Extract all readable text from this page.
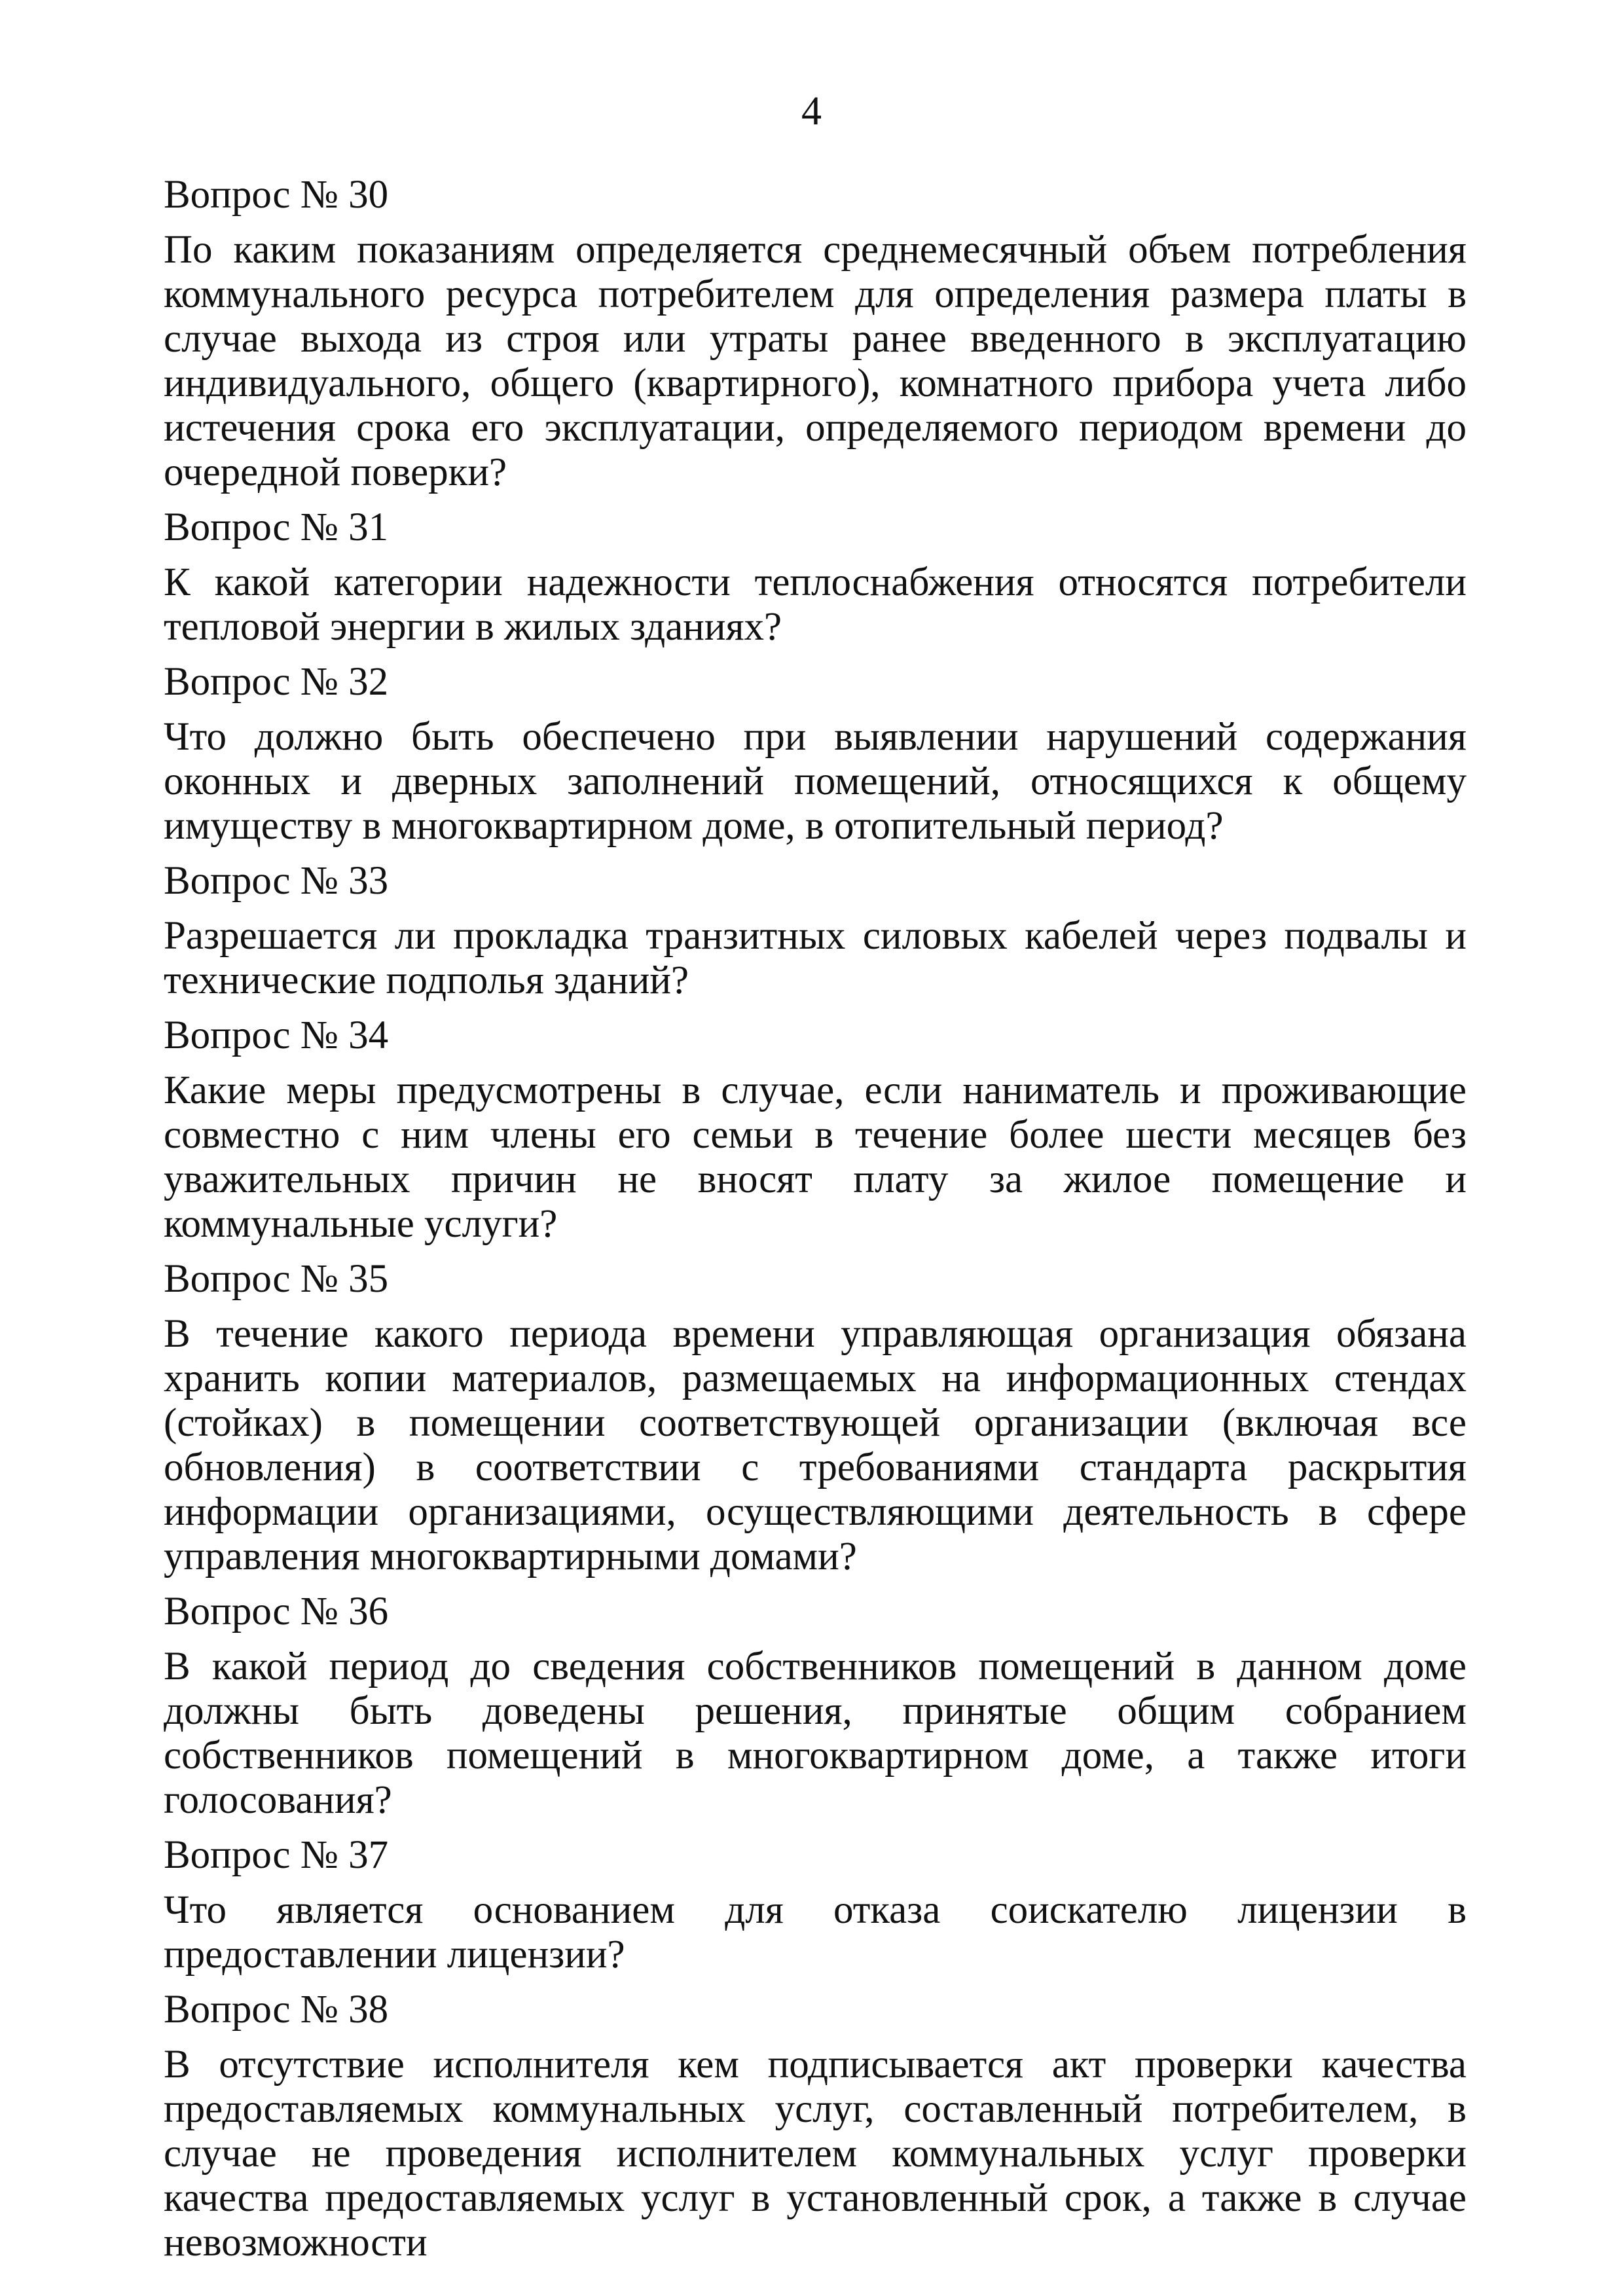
4
Вопрос № 30
По каким показаниям определяется среднемесячный объем потребления коммунального ресурса потребителем для определения размера платы в случае выхода из строя или утраты ранее введенного в эксплуатацию индивидуального, общего (квартирного), комнатного прибора учета либо истечения срока его эксплуатации, определяемого периодом времени до очередной поверки?
Вопрос № 31
К какой категории надежности теплоснабжения относятся потребители тепловой энергии в жилых зданиях?
Вопрос № 32
Что должно быть обеспечено при выявлении нарушений содержания оконных и дверных заполнений помещений, относящихся к общему имуществу в многоквартирном доме, в отопительный период?
Вопрос № 33
Разрешается ли прокладка транзитных силовых кабелей через подвалы и технические подполья зданий?
Вопрос № 34
Какие меры предусмотрены в случае, если наниматель и проживающие совместно с ним члены его семьи в течение более шести месяцев без уважительных причин не вносят плату за жилое помещение и коммунальные услуги?
Вопрос № 35
В течение какого периода времени управляющая организация обязана хранить копии материалов, размещаемых на информационных стендах (стойках) в помещении соответствующей организации (включая все обновления) в соответствии с требованиями стандарта раскрытия информации организациями, осуществляющими деятельность в сфере управления многоквартирными домами?
Вопрос № 36
В какой период до сведения собственников помещений в данном доме должны быть доведены решения, принятые общим собранием собственников помещений в многоквартирном доме, а также итоги голосования?
Вопрос № 37
Что является основанием для отказа соискателю лицензии в предоставлении лицензии?
Вопрос № 38
В отсутствие исполнителя кем подписывается акт проверки качества предоставляемых коммунальных услуг, составленный потребителем, в случае не проведения исполнителем коммунальных услуг проверки качества предоставляемых услуг в установленный срок, а также в случае невозможности
